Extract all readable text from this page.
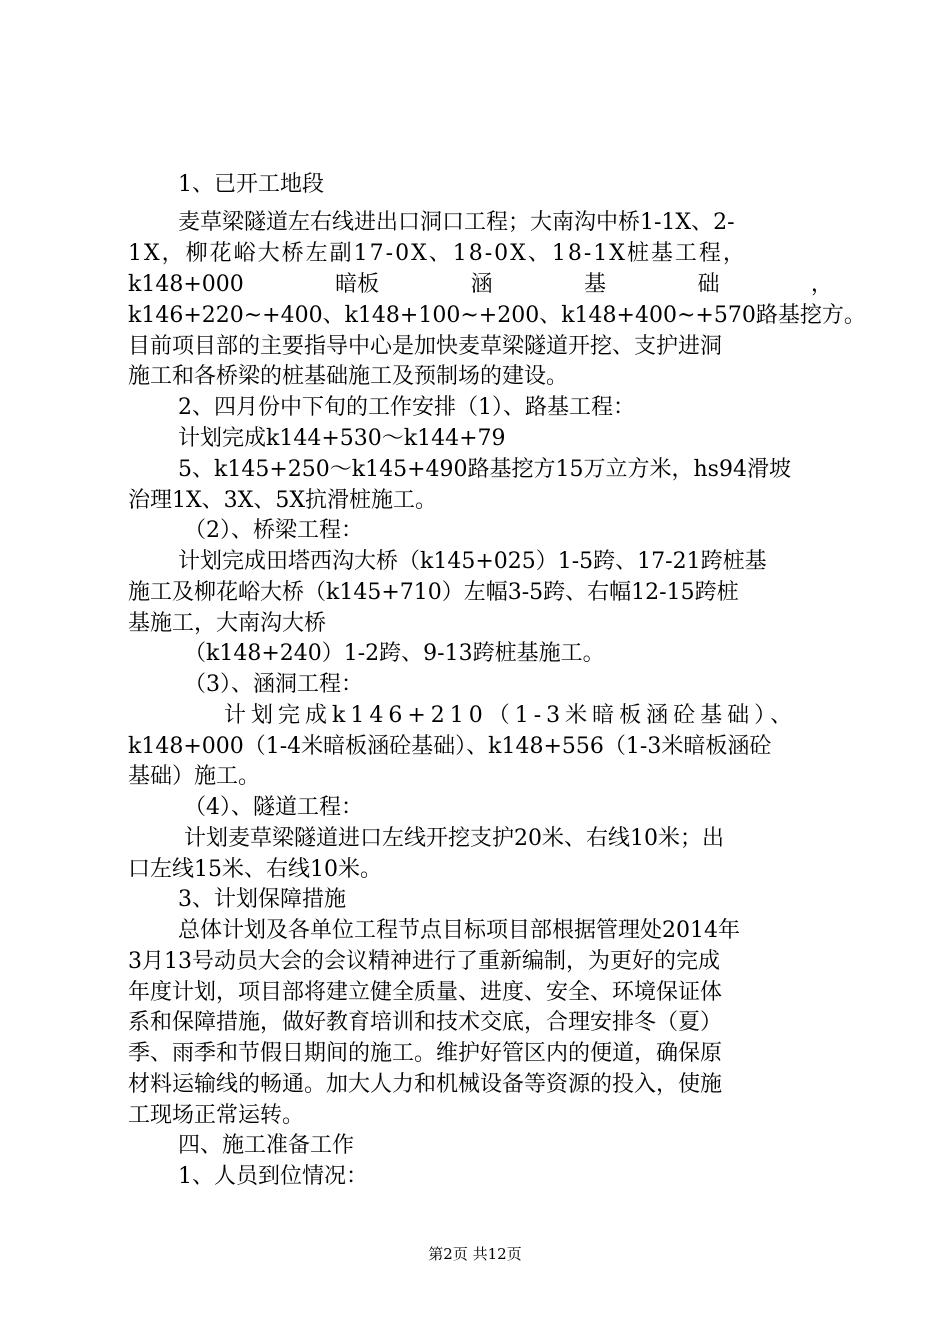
1、已开工地段
麦草梁隧道左右线进出口洞口工程；大南沟中桥1-1X、2-
1X，柳花峪大桥左副17-0X、18-0X、18-1X桩基工程，
k148+000	暗板	涵	基	础	，
k146+220~+400、k148+100~+200、k148+400~+570路基挖方。
目前项目部的主要指导中心是加快麦草梁隧道开挖、支护进洞
施工和各桥梁的桩基础施工及预制场的建设。
2、四月份中下旬的工作安排（1）、路基工程：
计划完成k144+530～k144+79
5、k145+250～k145+490路基挖方15万立方米，hs94滑坡
治理1X、3X、5X抗滑桩施工。
（2）、桥梁工程：
计划完成田塔西沟大桥（k145+025）1-5跨、17-21跨桩基
施工及柳花峪大桥（k145+710）左幅3-5跨、右幅12-15跨桩
基施工，大南沟大桥
（k148+240）1-2跨、9-13跨桩基施工。
（3）、涵洞工程：
计划完成k146+210（1-3米暗板涵砼基础）、
k148+000（1-4米暗板涵砼基础）、k148+556（1-3米暗板涵砼
基础）施工。
（4）、隧道工程：
计划麦草梁隧道进口左线开挖支护20米、右线10米；出
口左线15米、右线10米。
3、计划保障措施
总体计划及各单位工程节点目标项目部根据管理处2014年
3月13号动员大会的会议精神进行了重新编制，为更好的完成
年度计划，项目部将建立健全质量、进度、安全、环境保证体
系和保障措施，做好教育培训和技术交底，合理安排冬（夏）
季、雨季和节假日期间的施工。维护好管区内的便道，确保原
材料运输线的畅通。加大人力和机械设备等资源的投入，使施
工现场正常运转。
四、施工准备工作
1、人员到位情况：
第2页 共12页
